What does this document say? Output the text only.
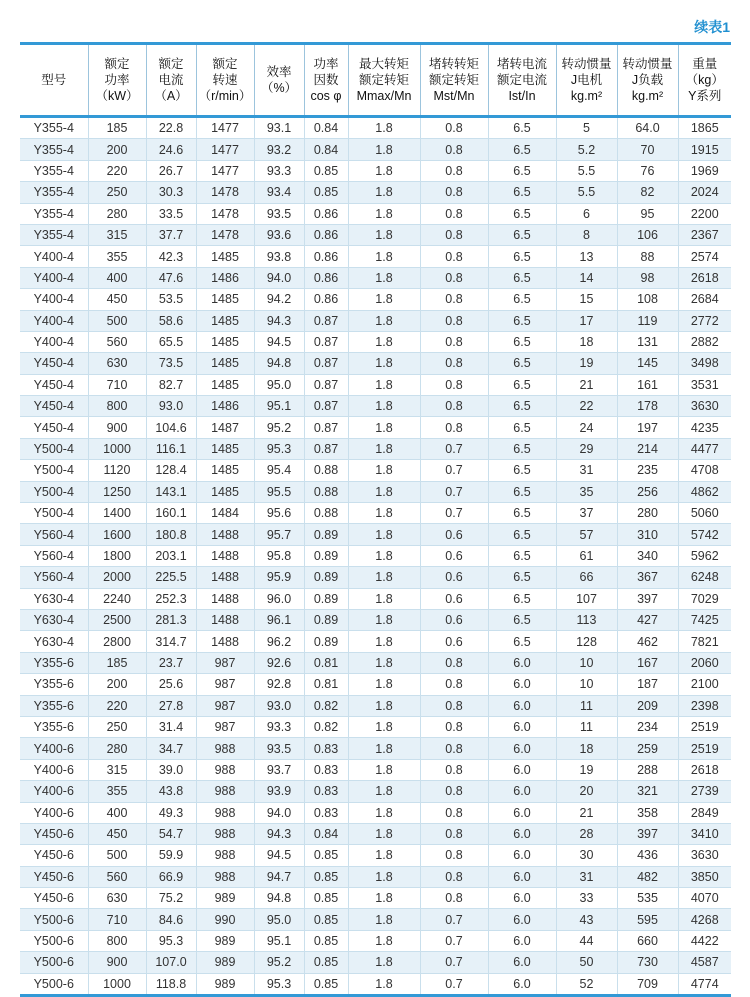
续表1
型号	额定
功率
（kW）	额定
电流
（A）	额定
转速
（r/min）	效率
（%）	功率
因数
cos φ	最大转矩
额定转矩
Mmax/Mn	堵转转矩
额定转矩
Mst/Mn	堵转电流
额定电流
Ist/In	转动惯量
J电机
kg.m²	转动惯量
J负载
kg.m²	重量
（kg）
Y系列

Y355-4	185	22.8	1477	93.1	0.84	1.8	0.8	6.5	5	64.0	1865
Y355-4	200	24.6	1477	93.2	0.84	1.8	0.8	6.5	5.2	70	1915
Y355-4	220	26.7	1477	93.3	0.85	1.8	0.8	6.5	5.5	76	1969
Y355-4	250	30.3	1478	93.4	0.85	1.8	0.8	6.5	5.5	82	2024
Y355-4	280	33.5	1478	93.5	0.86	1.8	0.8	6.5	6	95	2200
Y355-4	315	37.7	1478	93.6	0.86	1.8	0.8	6.5	8	106	2367
Y400-4	355	42.3	1485	93.8	0.86	1.8	0.8	6.5	13	88	2574
Y400-4	400	47.6	1486	94.0	0.86	1.8	0.8	6.5	14	98	2618
Y400-4	450	53.5	1485	94.2	0.86	1.8	0.8	6.5	15	108	2684
Y400-4	500	58.6	1485	94.3	0.87	1.8	0.8	6.5	17	119	2772
Y400-4	560	65.5	1485	94.5	0.87	1.8	0.8	6.5	18	131	2882
Y450-4	630	73.5	1485	94.8	0.87	1.8	0.8	6.5	19	145	3498
Y450-4	710	82.7	1485	95.0	0.87	1.8	0.8	6.5	21	161	3531
Y450-4	800	93.0	1486	95.1	0.87	1.8	0.8	6.5	22	178	3630
Y450-4	900	104.6	1487	95.2	0.87	1.8	0.8	6.5	24	197	4235
Y500-4	1000	116.1	1485	95.3	0.87	1.8	0.7	6.5	29	214	4477
Y500-4	1120	128.4	1485	95.4	0.88	1.8	0.7	6.5	31	235	4708
Y500-4	1250	143.1	1485	95.5	0.88	1.8	0.7	6.5	35	256	4862
Y500-4	1400	160.1	1484	95.6	0.88	1.8	0.7	6.5	37	280	5060
Y560-4	1600	180.8	1488	95.7	0.89	1.8	0.6	6.5	57	310	5742
Y560-4	1800	203.1	1488	95.8	0.89	1.8	0.6	6.5	61	340	5962
Y560-4	2000	225.5	1488	95.9	0.89	1.8	0.6	6.5	66	367	6248
Y630-4	2240	252.3	1488	96.0	0.89	1.8	0.6	6.5	107	397	7029
Y630-4	2500	281.3	1488	96.1	0.89	1.8	0.6	6.5	113	427	7425
Y630-4	2800	314.7	1488	96.2	0.89	1.8	0.6	6.5	128	462	7821
Y355-6	185	23.7	987	92.6	0.81	1.8	0.8	6.0	10	167	2060
Y355-6	200	25.6	987	92.8	0.81	1.8	0.8	6.0	10	187	2100
Y355-6	220	27.8	987	93.0	0.82	1.8	0.8	6.0	11	209	2398
Y355-6	250	31.4	987	93.3	0.82	1.8	0.8	6.0	11	234	2519
Y400-6	280	34.7	988	93.5	0.83	1.8	0.8	6.0	18	259	2519
Y400-6	315	39.0	988	93.7	0.83	1.8	0.8	6.0	19	288	2618
Y400-6	355	43.8	988	93.9	0.83	1.8	0.8	6.0	20	321	2739
Y400-6	400	49.3	988	94.0	0.83	1.8	0.8	6.0	21	358	2849
Y450-6	450	54.7	988	94.3	0.84	1.8	0.8	6.0	28	397	3410
Y450-6	500	59.9	988	94.5	0.85	1.8	0.8	6.0	30	436	3630
Y450-6	560	66.9	988	94.7	0.85	1.8	0.8	6.0	31	482	3850
Y450-6	630	75.2	989	94.8	0.85	1.8	0.8	6.0	33	535	4070
Y500-6	710	84.6	990	95.0	0.85	1.8	0.7	6.0	43	595	4268
Y500-6	800	95.3	989	95.1	0.85	1.8	0.7	6.0	44	660	4422
Y500-6	900	107.0	989	95.2	0.85	1.8	0.7	6.0	50	730	4587
Y500-6	1000	118.8	989	95.3	0.85	1.8	0.7	6.0	52	709	4774
